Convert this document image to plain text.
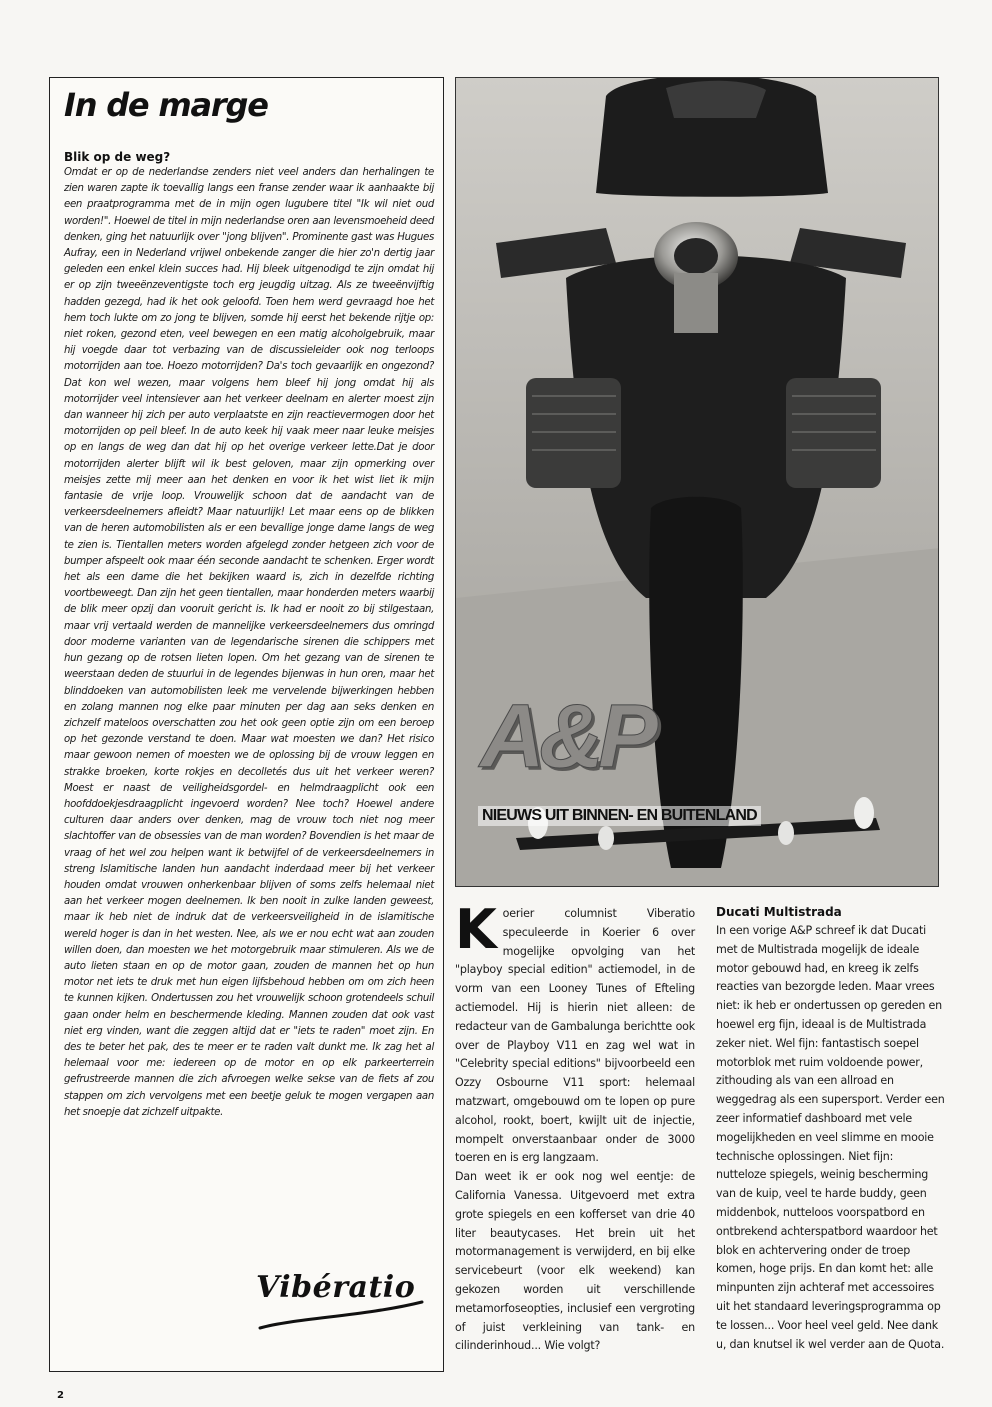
In de marge
Blik op de weg?

Omdat er op de nederlandse zenders niet veel anders dan herhalingen te zien waren zapte ik toevallig langs een franse zender waar ik aanhaakte bij een praatprogramma met de in mijn ogen lugubere titel "Ik wil niet oud worden!". Hoewel de titel in mijn nederlandse oren aan levensmoeheid deed denken, ging het natuurlijk over "jong blijven". Prominente gast was Hugues Aufray, een in Nederland vrijwel onbekende zanger die hier zo'n dertig jaar geleden een enkel klein succes had. Hij bleek uitgenodigd te zijn omdat hij er op zijn tweeënzeventigste toch erg jeugdig uitzag. Als ze tweeënvijftig hadden gezegd, had ik het ook geloofd. Toen hem werd gevraagd hoe het hem toch lukte om zo jong te blijven, somde hij eerst het bekende rijtje op: niet roken, gezond eten, veel bewegen en een matig alcoholgebruik, maar hij voegde daar tot verbazing van de discussieleider ook nog terloops motorrijden aan toe. Hoezo motorrijden? Da's toch gevaarlijk en ongezond? Dat kon wel wezen, maar volgens hem bleef hij jong omdat hij als motorrijder veel intensiever aan het verkeer deelnam en alerter moest zijn dan wanneer hij zich per auto verplaatste en zijn reactievermogen door het motorrijden op peil bleef. In de auto keek hij vaak meer naar leuke meisjes op en langs de weg dan dat hij op het overige verkeer lette.Dat je door motorrijden alerter blijft wil ik best geloven, maar zijn opmerking over meisjes zette mij meer aan het denken en voor ik het wist liet ik mijn fantasie de vrije loop. Vrouwelijk schoon dat de aandacht van de verkeersdeelnemers afleidt? Maar natuurlijk! Let maar eens op de blikken van de heren automobilisten als er een bevallige jonge dame langs de weg te zien is. Tientallen meters worden afgelegd zonder hetgeen zich voor de bumper afspeelt ook maar één seconde aandacht te schenken. Erger wordt het als een dame die het bekijken waard is, zich in dezelfde richting voortbeweegt. Dan zijn het geen tientallen, maar honderden meters waarbij de blik meer opzij dan vooruit gericht is. Ik had er nooit zo bij stilgestaan, maar vrij vertaald werden de mannelijke verkeersdeelnemers dus omringd door moderne varianten van de legendarische sirenen die schippers met hun gezang op de rotsen lieten lopen. Om het gezang van de sirenen te weerstaan deden de stuurlui in de legendes bijenwas in hun oren, maar het blinddoeken van automobilisten leek me vervelende bijwerkingen hebben en zolang mannen nog elke paar minuten per dag aan seks denken en zichzelf mateloos overschatten zou het ook geen optie zijn om een beroep op het gezonde verstand te doen. Maar wat moesten we dan? Het risico maar gewoon nemen of moesten we de oplossing bij de vrouw leggen en strakke broeken, korte rokjes en decolletés dus uit het verkeer weren? Moest er naast de veiligheidsgordel- en helmdraagplicht ook een hoofddoekjesdraagplicht ingevoerd worden? Nee toch? Hoewel andere culturen daar anders over denken, mag de vrouw toch niet nog meer slachtoffer van de obsessies van de man worden? Bovendien is het maar de vraag of het wel zou helpen want ik betwijfel of de verkeersdeelnemers in streng Islamitische landen hun aandacht inderdaad meer bij het verkeer houden omdat vrouwen onherkenbaar blijven of soms zelfs helemaal niet aan het verkeer mogen deelnemen. Ik ben nooit in zulke landen geweest, maar ik heb niet de indruk dat de verkeersveiligheid in de islamitische wereld hoger is dan in het westen. Nee, als we er nou echt wat aan zouden willen doen, dan moesten we het motorgebruik maar stimuleren. Als we de auto lieten staan en op de motor gaan, zouden de mannen het op hun motor net iets te druk met hun eigen lijfsbehoud hebben om om zich heen te kunnen kijken. Ondertussen zou het vrouwelijk schoon grotendeels schuil gaan onder helm en beschermende kleding. Mannen zouden dat ook vast niet erg vinden, want die zeggen altijd dat er "iets te raden" moet zijn. En des te beter het pak, des te meer er te raden valt dunkt me. Ik zag het al helemaal voor me: iedereen op de motor en op elk parkeerterrein gefrustreerde mannen die zich afvroegen welke sekse van de fiets af zou stappen om zich vervolgens met een beetje geluk te mogen vergapen aan het snoepje dat zichzelf uitpakte.

Vibératio
A&P
NIEUWS UIT BINNEN- EN BUITENLAND
K oerier columnist Viberatio speculeerde in Koerier 6 over mogelijke opvolging van het "playboy special edition" actiemodel, in de vorm van een Looney Tunes of Efteling actiemodel. Hij is hierin niet alleen: de redacteur van de Gambalunga berichtte ook over de Playboy V11 en zag wel wat in "Celebrity special editions" bijvoorbeeld een Ozzy Osbourne V11 sport: helemaal matzwart, omgebouwd om te lopen op pure alcohol, rookt, boert, kwijlt uit de injectie, mompelt onverstaanbaar onder de 3000 toeren en is erg langzaam.

Dan weet ik er ook nog wel eentje: de California Vanessa. Uitgevoerd met extra grote spiegels en een kofferset van drie 40 liter beautycases. Het brein uit het motormanagement is verwijderd, en bij elke servicebeurt (voor elk weekend) kan gekozen worden uit verschillende metamorfoseopties, inclusief een vergroting of juist verkleining van tank- en cilinderinhoud... Wie volgt?

Ducati Multistrada

In een vorige A&P schreef ik dat Ducati met de Multistrada mogelijk de ideale motor gebouwd had, en kreeg ik zelfs reacties van bezorgde leden. Maar vrees niet: ik heb er ondertussen op gereden en hoewel erg fijn, ideaal is de Multistrada zeker niet. Wel fijn: fantastisch soepel motorblok met ruim voldoende power, zithouding als van een allroad en weggedrag als een supersport. Verder een zeer informatief dashboard met vele mogelijkheden en veel slimme en mooie technische oplossingen. Niet fijn: nutteloze spiegels, weinig bescherming van de kuip, veel te harde buddy, geen middenbok, nutteloos voorspatbord en ontbrekend achterspatbord waardoor het blok en achtervering onder de troep komen, hoge prijs. En dan komt het: alle minpunten zijn achteraf met accessoires uit het standaard leveringsprogramma op te lossen... Voor heel veel geld. Nee dank u, dan knutsel ik wel verder aan de Quota.

2
